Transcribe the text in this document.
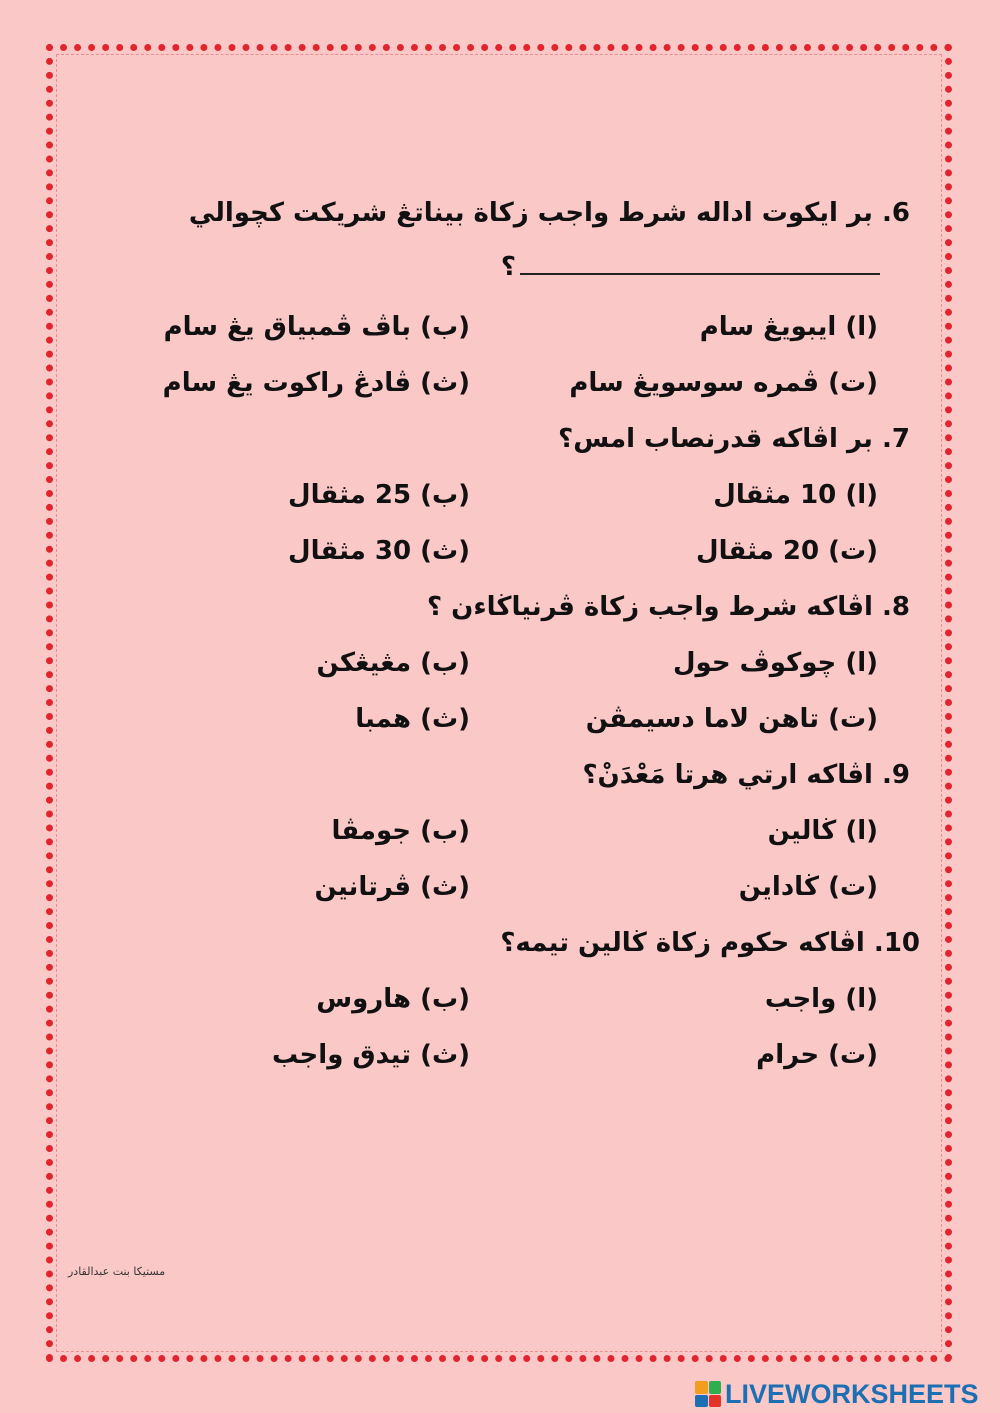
6. بر ايكوت اداله شرط واجب زكاة بيناتڠ شريكت كچوالي
؟
(ا) ايبويڠ سام
(ب) باڤ ڤمبياق يڠ سام
(ت) ڤمره سوسويڠ سام
(ث) ڤادڠ راكوت يڠ سام
7. بر اڤاكه قدرنصاب امس؟
(ا) 10 مثقال
(ب) 25 مثقال
(ت) 20 مثقال
(ث) 30 مثقال
8. اڤاكه شرط واجب زكاة ڤرنياڬاءن ؟
(ا) چوكوڤ حول
(ب) مڠيڠكن
(ت) تاهن لاما دسيمڤن
(ث) همبا
9. اڤاكه ارتي هرتا مَعْدَنْ؟
(ا) ڬالين
(ب) جومڤا
(ت) ڬاداين
(ث) ڤرتانين
10. اڤاكه حكوم زكاة ڬالين تيمه؟
(ا) واجب
(ب) هاروس
(ت) حرام
(ث) تيدق واجب
مستيكا بنت عبدالقادر
LIVEWORKSHEETS
